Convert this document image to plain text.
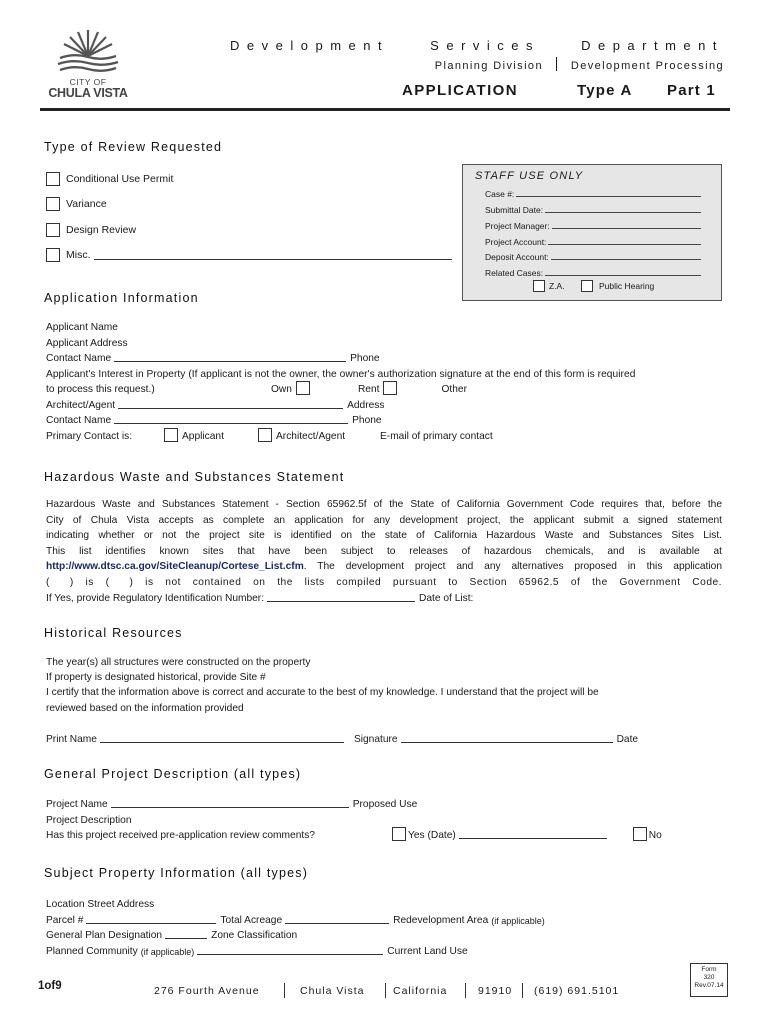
CITY OF
CHULA VISTA
Development Services Department
Planning Division	Development Processing
APPLICATION	Type A Part 1
Type of Review Requested
Conditional Use Permit
Variance
Design Review
Misc.
STAFF USE ONLY
Case #:
Submittal Date:
Project Manager:
Project Account:
Deposit Account:
Related Cases:
Z.A.	Public Hearing
Application Information
Applicant Name
Applicant Address
Contact Name	Phone
Applicant's Interest in Property (If applicant is not the owner, the owner's authorization signature at the end of this form is required
to process this request.)	Own	Rent	Other
Architect/Agent	Address
Contact Name	Phone
Primary Contact is:	Applicant	Architect/Agent	E-mail of primary contact
Hazardous Waste and Substances Statement
Hazardous Waste and Substances Statement - Section 65962.5f of the State of California Government Code requires that, before the
City of Chula Vista accepts as complete an application for any development project, the applicant submit a signed statement
indicating whether or not the project site is identified on the state of California Hazardous Waste and Substances Sites List.
This list identifies known sites that have been subject to releases of hazardous chemicals, and is available at
http://www.dtsc.ca.gov/SiteCleanup/Cortese_List.cfm. The development project and any alternatives proposed in this application
( ) is ( ) is not contained on the lists compiled pursuant to Section 65962.5 of the Government Code.
If Yes, provide Regulatory Identification Number:	Date of List:
Historical Resources
The year(s) all structures were constructed on the property
If property is designated historical, provide Site #
I certify that the information above is correct and accurate to the best of my knowledge. I understand that the project will be
reviewed based on the information provided
Print Name	Signature	Date
General Project Description (all types)
Project Name	Proposed Use
Project Description
Has this project received pre-application review comments?	Yes (Date)	No
Subject Property Information (all types)
Location Street Address
Parcel #	Total Acreage	Redevelopment Area (if applicable)
General Plan Designation	Zone Classification
Planned Community (if applicable)	Current Land Use
1of9	276 Fourth Avenue	Chula Vista	California	91910 (619) 691.5101
Form
320
Rev.07.14
